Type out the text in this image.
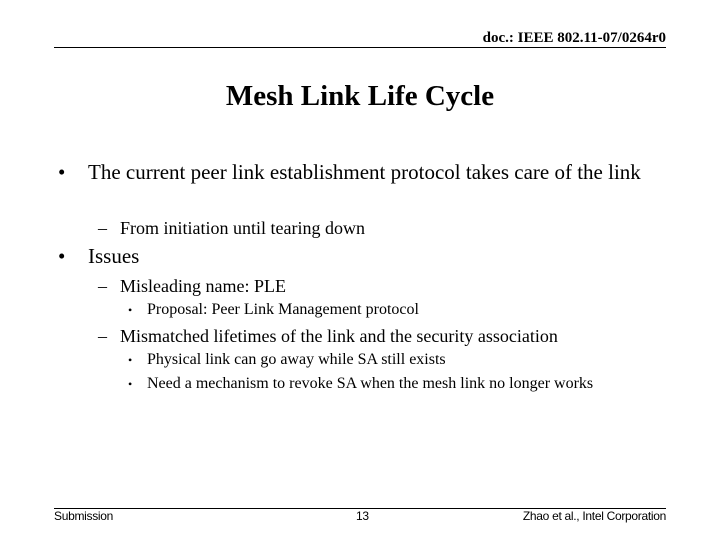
doc.: IEEE 802.11-07/0264r0
Mesh Link Life Cycle
•	The current peer link establishment protocol takes care of the link
– From initiation until tearing down
•	Issues
– Misleading name: PLE
• Proposal: Peer Link Management protocol
– Mismatched lifetimes of the link and the security association
• Physical link can go away while SA still exists
• Need a mechanism to revoke SA when the mesh link no longer works
Submission	13	Zhao et al., Intel Corporation
